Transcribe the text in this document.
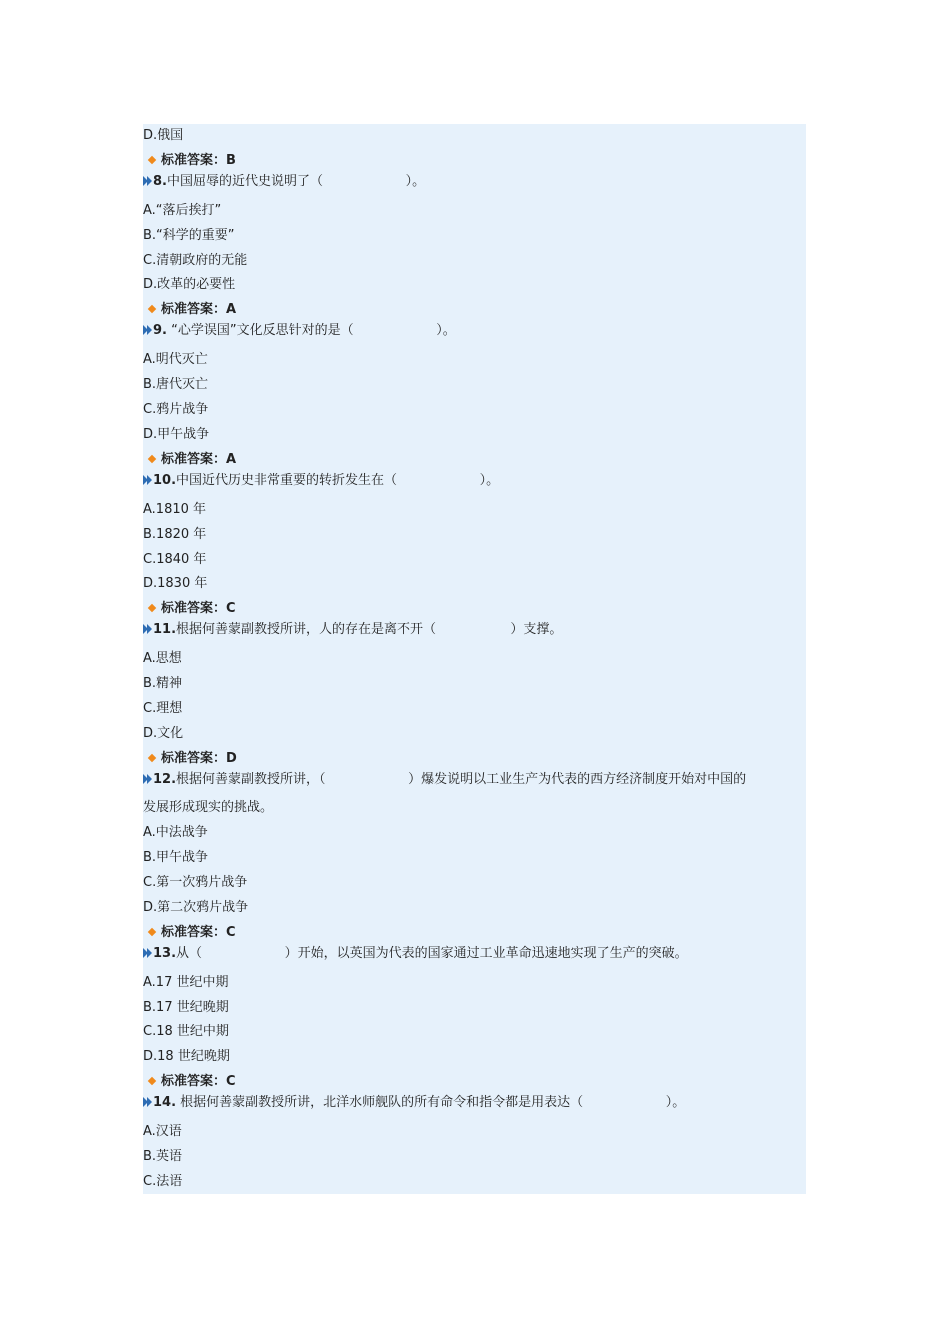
D.俄国
标准答案：B
8.中国屈辱的近代史说明了（                    ）。
A.“落后挨打”
B.“科学的重要”
C.清朝政府的无能
D.改革的必要性
标准答案：A
9. “心学误国”文化反思针对的是（                    ）。
A.明代灭亡
B.唐代灭亡
C.鸦片战争
D.甲午战争
标准答案：A
10.中国近代历史非常重要的转折发生在（                    ）。
A.1810 年
B.1820 年
C.1840 年
D.1830 年
标准答案：C
11.根据何善蒙副教授所讲，人的存在是离不开（                  ）支撑。
A.思想
B.精神
C.理想
D.文化
标准答案：D
12.根据何善蒙副教授所讲，（                    ）爆发说明以工业生产为代表的西方经济制度开始对中国的
发展形成现实的挑战。
A.中法战争
B.甲午战争
C.第一次鸦片战争
D.第二次鸦片战争
标准答案：C
13.从（                    ）开始，以英国为代表的国家通过工业革命迅速地实现了生产的突破。
A.17 世纪中期
B.17 世纪晚期
C.18 世纪中期
D.18 世纪晚期
标准答案：C
14. 根据何善蒙副教授所讲，北洋水师舰队的所有命令和指令都是用表达（                    ）。
A.汉语
B.英语
C.法语
